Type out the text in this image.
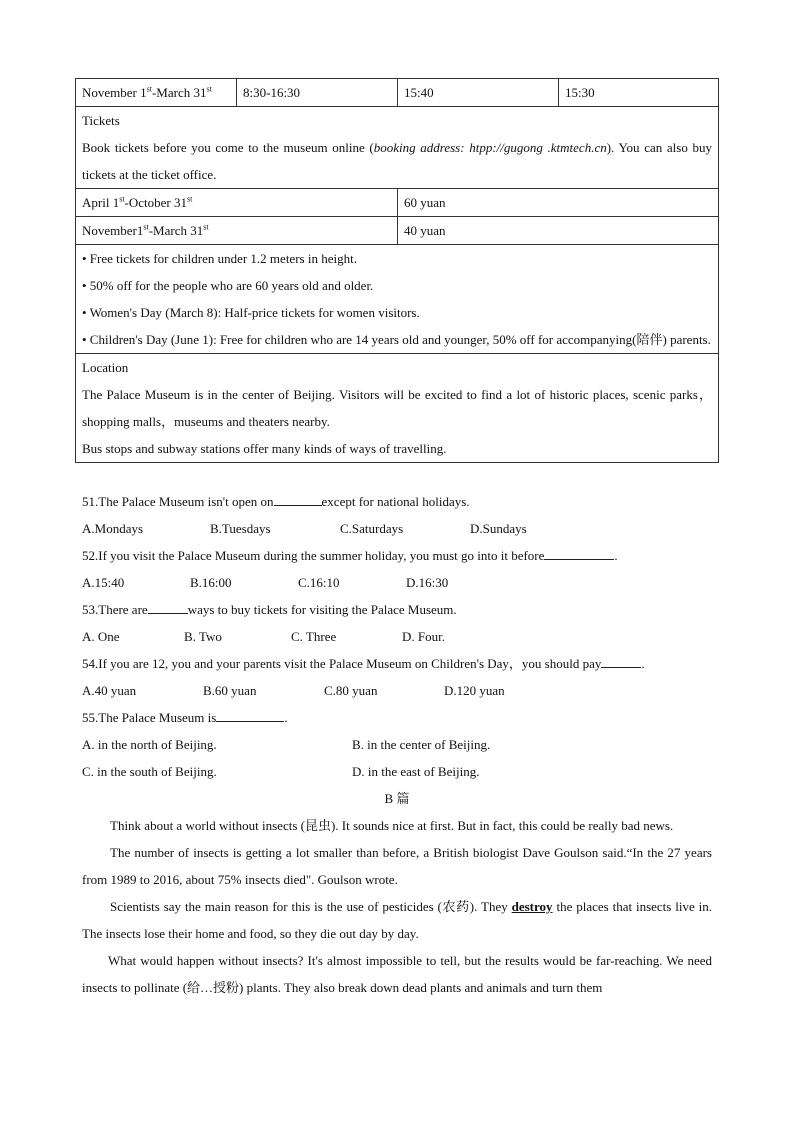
November 1st-March 31st	8:30-16:30	15:40	15:30

Tickets
Book tickets before you come to the museum online (booking address: htpp://gugong .ktmtech.cn). You can also buy tickets at the ticket office.			

April 1st-October 31st		60 yuan	
November1st-March 31st		40 yuan	

• Free tickets for children under 1.2 meters in height.
• 50% off for the people who are 60 years old and older.
• Women's Day (March 8): Half-price tickets for women visitors.
• Children's Day (June 1): Free for children who are 14 years old and younger, 50% off for accompanying(陪伴) parents.			

Location
The Palace Museum is in the center of Beijing. Visitors will be excited to find a lot of historic places, scenic parks，shopping malls，museums and theaters nearby.
Bus stops and subway stations offer many kinds of ways of travelling.			
51.The Palace Museum isn't open on	except for national holidays.
A.Mondays	B.Tuesdays	C.Saturdays	D.Sundays
52.If you visit the Palace Museum during the summer holiday, you must go into it before	.
A.15:40	B.16:00	C.16:10	D.16:30
53.There are	ways to buy tickets for visiting the Palace Museum.
A. One	B. Two	C. Three	D. Four.
54.If you are 12, you and your parents visit the Palace Museum on Children's Day，you should pay	.
A.40 yuan	B.60 yuan	C.80 yuan	D.120 yuan
55.The Palace Museum is	.
A. in the north of Beijing.	B. in the center of Beijing.
C. in the south of Beijing.	D. in the east of Beijing.
B 篇
Think about a world without insects (昆虫). It sounds nice at first. But in fact, this could be really bad news.
The number of insects is getting a lot smaller than before, a British biologist Dave Goulson said.“In the 27 years from 1989 to 2016, about 75% insects died". Goulson wrote.
Scientists say the main reason for this is the use of pesticides (农药). They destroy the places that insects live in. The insects lose their home and food, so they die out day by day.
What would happen without insects? It's almost impossible to tell, but the results would be far-reaching. We need insects to pollinate (给…授粉) plants. They also break down dead plants and animals and turn them
